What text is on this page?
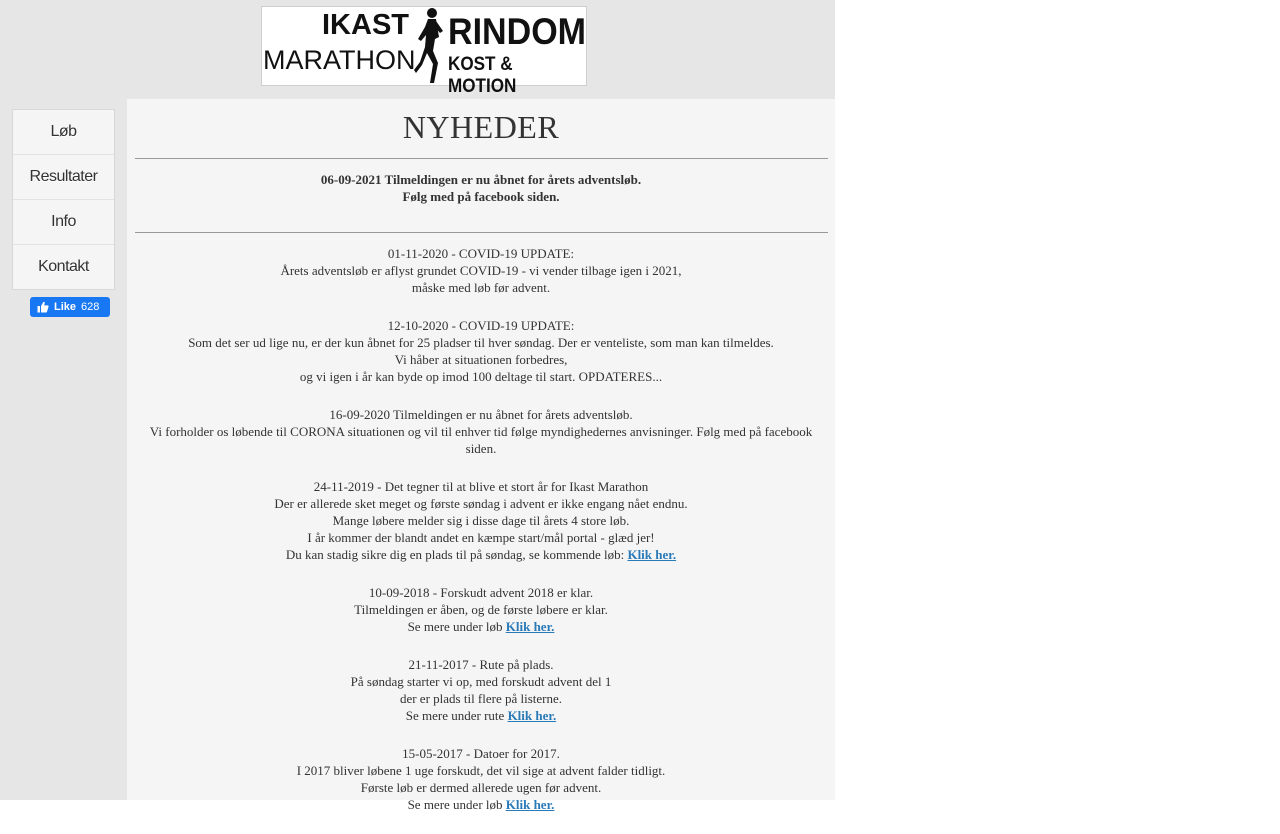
IKAST
MARATHON
RINDOM
KOST & MOTION
Løb
Resultater
Info
Kontakt
Like 628
NYHEDER
06-09-2021 Tilmeldingen er nu åbnet for årets adventsløb.
Følg med på facebook siden.

01-11-2020 - COVID-19 UPDATE:

Årets adventsløb er aflyst grundet COVID-19 - vi vender tilbage igen i 2021,

måske med løb før advent.

12-10-2020 - COVID-19 UPDATE:

Som det ser ud lige nu, er der kun åbnet for 25 pladser til hver søndag. Der er venteliste, som man kan tilmeldes.

Vi håber at situationen forbedres,

og vi igen i år kan byde op imod 100 deltage til start. OPDATERES...

16-09-2020 Tilmeldingen er nu åbnet for årets adventsløb.

Vi forholder os løbende til CORONA situationen og vil til enhver tid følge myndighedernes anvisninger. Følg med på facebook siden.

24-11-2019 - Det tegner til at blive et stort år for Ikast Marathon

Der er allerede sket meget og første søndag i advent er ikke engang nået endnu.

Mange løbere melder sig i disse dage til årets 4 store løb.

I år kommer der blandt andet en kæmpe start/mål portal - glæd jer!

Du kan stadig sikre dig en plads til på søndag, se kommende løb: Klik her.

10-09-2018 - Forskudt advent 2018 er klar.

Tilmeldingen er åben, og de første løbere er klar.

Se mere under løb Klik her.

21-11-2017 - Rute på plads.

På søndag starter vi op, med forskudt advent del 1

der er plads til flere på listerne.

Se mere under rute Klik her.

15-05-2017 - Datoer for 2017.

I 2017 bliver løbene 1 uge forskudt, det vil sige at advent falder tidligt.

Første løb er dermed allerede ugen før advent.

Se mere under løb Klik her.
